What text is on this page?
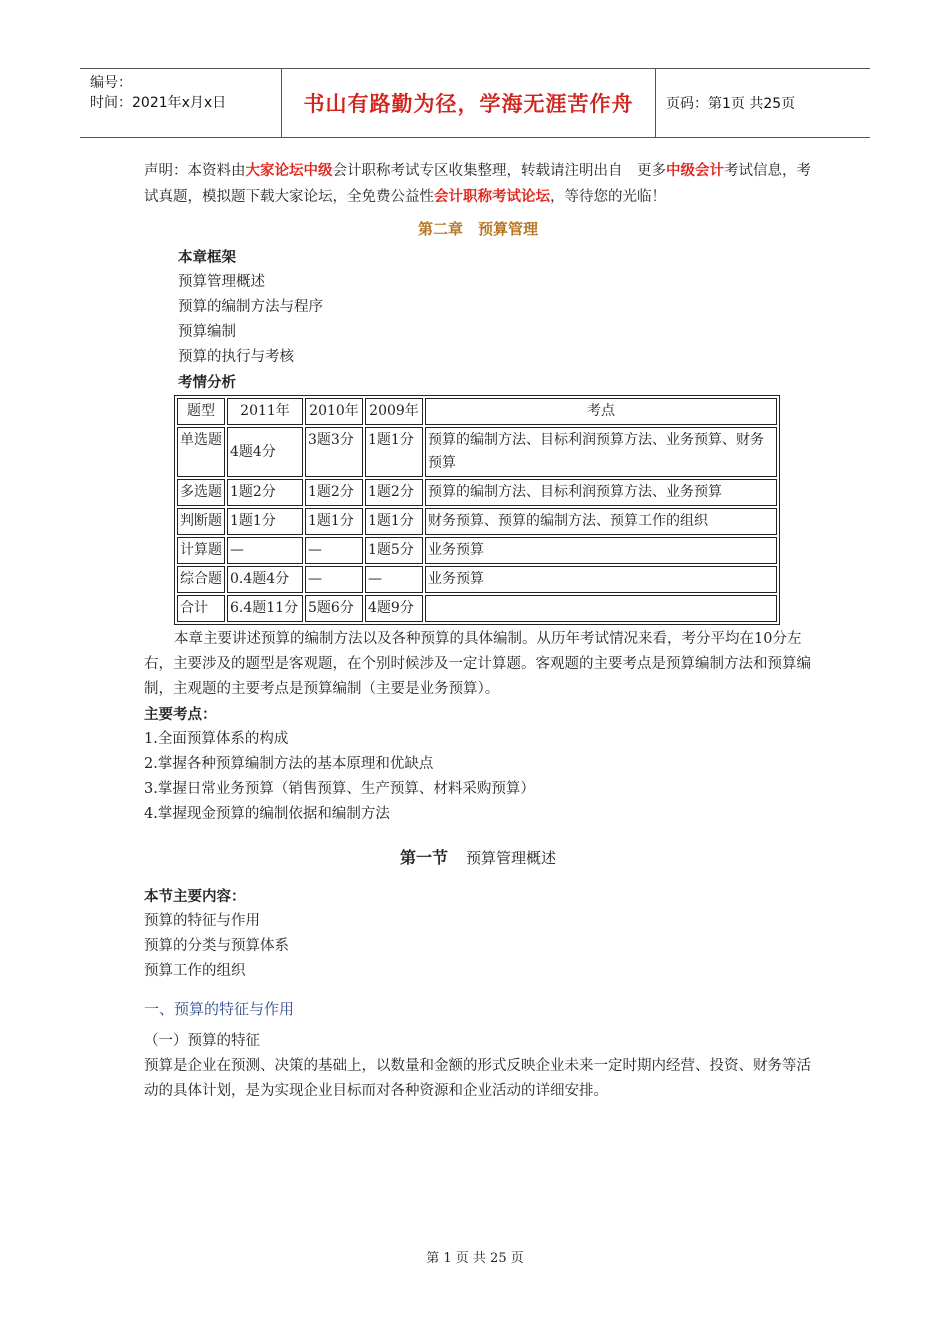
编号：
时间：2021年x月x日	书山有路勤为径，学海无涯苦作舟	页码：第1页 共25页

声明：本资料由大家论坛中级会计职称考试专区收集整理，转载请注明出自　更多中级会计考试信息，考试真题，模拟题下载大家论坛，全免费公益性会计职称考试论坛，等待您的光临！

第二章　预算管理

本章框架

预算管理概述

预算的编制方法与程序

预算编制

预算的执行与考核

考情分析

题型	2011年	2010年	2009年	考点
单选题	4题4分	3题3分	1题1分	预算的编制方法、目标利润预算方法、业务预算、财务预算
多选题	1题2分	1题2分	1题2分	预算的编制方法、目标利润预算方法、业务预算
判断题	1题1分	1题1分	1题1分	财务预算、预算的编制方法、预算工作的组织
计算题	—	—	1题5分	业务预算
综合题	0.4题4分	—	—	业务预算
合计	6.4题11分	5题6分	4题9分	

本章主要讲述预算的编制方法以及各种预算的具体编制。从历年考试情况来看，考分平均在10分左右，主要涉及的题型是客观题，在个别时候涉及一定计算题。客观题的主要考点是预算编制方法和预算编制，主观题的主要考点是预算编制（主要是业务预算）。

主要考点：

1.全面预算体系的构成

2.掌握各种预算编制方法的基本原理和优缺点

3.掌握日常业务预算（销售预算、生产预算、材料采购预算）

4.掌握现金预算的编制依据和编制方法

第一节 预算管理概述

本节主要内容：

预算的特征与作用

预算的分类与预算体系

预算工作的组织

一、预算的特征与作用

（一）预算的特征

预算是企业在预测、决策的基础上，以数量和金额的形式反映企业未来一定时期内经营、投资、财务等活动的具体计划，是为实现企业目标而对各种资源和企业活动的详细安排。

第 1 页 共 25 页
